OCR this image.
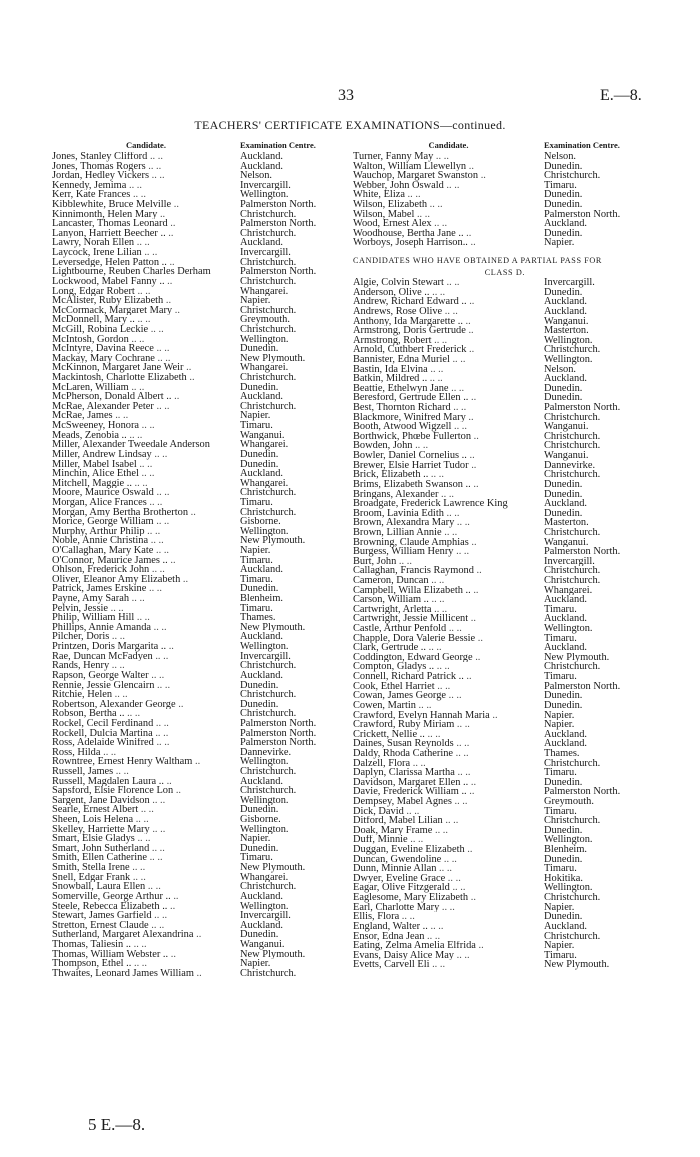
33	E.—8.
TEACHERS' CERTIFICATE EXAMINATIONS—continued.
Candidate.	Examination Centre.
Jones, Stanley Clifford .. ..	Auckland.
Jones, Thomas Rogers .. ..	Auckland.
Jordan, Hedley Vickers .. ..	Nelson.
Kennedy, Jemima .. ..	Invercargill.
Kerr, Kate Frances .. ..	Wellington.
Kibblewhite, Bruce Melville ..	Palmerston North.
Kinnimonth, Helen Mary ..	Christchurch.
Lancaster, Thomas Leonard ..	Palmerston North.
Lanyon, Harriett Beecher .. ..	Christchurch.
Lawry, Norah Ellen .. ..	Auckland.
Laycock, Irene Lilian .. ..	Invercargill.
Leversedge, Helen Patton .. ..	Christchurch.
Lightbourne, Reuben Charles Derham	Palmerston North.
Lockwood, Mabel Fanny .. ..	Christchurch.
Long, Edgar Robert .. ..	Whangarei.
McAlister, Ruby Elizabeth ..	Napier.
McCormack, Margaret Mary ..	Christchurch.
McDonnell, Mary .. .. ..	Greymouth.
McGill, Robina Leckie .. ..	Christchurch.
McIntosh, Gordon .. ..	Wellington.
McIntyre, Davina Reece .. ..	Dunedin.
Mackay, Mary Cochrane .. ..	New Plymouth.
McKinnon, Margaret Jane Weir ..	Whangarei.
Mackintosh, Charlotte Elizabeth ..	Christchurch.
McLaren, William .. ..	Dunedin.
McPherson, Donald Albert .. ..	Auckland.
McRae, Alexander Peter .. ..	Christchurch.
McRae, James .. ..	Napier.
McSweeney, Honora .. ..	Timaru.
Meads, Zenobia .. .. ..	Wanganui.
Miller, Alexander Tweedale Anderson	Whangarei.
Miller, Andrew Lindsay .. ..	Dunedin.
Miller, Mabel Isabel .. ..	Dunedin.
Minchin, Alice Ethel .. ..	Auckland.
Mitchell, Maggie .. .. ..	Whangarei.
Moore, Maurice Oswald .. ..	Christchurch.
Morgan, Alice Frances .. ..	Timaru.
Morgan, Amy Bertha Brotherton ..	Christchurch.
Morice, George William .. ..	Gisborne.
Murphy, Arthur Philip .. ..	Wellington.
Noble, Annie Christina .. ..	New Plymouth.
O'Callaghan, Mary Kate .. ..	Napier.
O'Connor, Maurice James .. ..	Timaru.
Ohlson, Frederick John .. ..	Auckland.
Oliver, Eleanor Amy Elizabeth ..	Timaru.
Patrick, James Erskine .. ..	Dunedin.
Payne, Amy Sarah .. ..	Blenheim.
Pelvin, Jessie .. ..	Timaru.
Philip, William Hill .. ..	Thames.
Phillips, Annie Amanda .. ..	New Plymouth.
Pilcher, Doris .. ..	Auckland.
Printzen, Doris Margarita .. ..	Wellington.
Rae, Duncan McFadyen .. ..	Invercargill.
Rands, Henry .. ..	Christchurch.
Rapson, George Walter .. ..	Auckland.
Rennie, Jessie Glencairn .. ..	Dunedin.
Ritchie, Helen .. ..	Christchurch.
Robertson, Alexander George ..	Dunedin.
Robson, Bertha .. .. ..	Christchurch.
Rockel, Cecil Ferdinand .. ..	Palmerston North.
Rockell, Dulcia Martina .. ..	Palmerston North.
Ross, Adelaide Winifred .. ..	Palmerston North.
Ross, Hilda .. ..	Dannevirke.
Rowntree, Ernest Henry Waltham ..	Wellington.
Russell, James .. ..	Christchurch.
Russell, Magdalen Laura .. ..	Auckland.
Sapsford, Elsie Florence Lon ..	Christchurch.
Sargent, Jane Davidson .. ..	Wellington.
Searle, Ernest Albert .. ..	Dunedin.
Sheen, Lois Helena .. ..	Gisborne.
Skelley, Harriette Mary .. ..	Wellington.
Smart, Elsie Gladys .. ..	Napier.
Smart, John Sutherland .. ..	Dunedin.
Smith, Ellen Catherine .. ..	Timaru.
Smith, Stella Irene .. ..	New Plymouth.
Snell, Edgar Frank .. ..	Whangarei.
Snowball, Laura Ellen .. ..	Christchurch.
Somerville, George Arthur .. ..	Auckland.
Steele, Rebecca Elizabeth .. ..	Wellington.
Stewart, James Garfield .. ..	Invercargill.
Stretton, Ernest Claude .. ..	Auckland.
Sutherland, Margaret Alexandrina ..	Dunedin.
Thomas, Taliesin .. .. ..	Wanganui.
Thomas, William Webster .. ..	New Plymouth.
Thompson, Ethel .. .. ..	Napier.
Thwaites, Leonard James William ..	Christchurch.
Candidate.	Examination Centre.
Turner, Fanny May .. ..	Nelson.
Walton, William Llewellyn ..	Dunedin.
Wauchop, Margaret Swanston ..	Christchurch.
Webber, John Oswald .. ..	Timaru.
White, Eliza .. ..	Dunedin.
Wilson, Elizabeth .. ..	Dunedin.
Wilson, Mabel .. ..	Palmerston North.
Wood, Ernest Alex .. ..	Auckland.
Woodhouse, Bertha Jane .. ..	Dunedin.
Worboys, Joseph Harrison.. ..	Napier.
CANDIDATES WHO HAVE OBTAINED A PARTIAL PASS FOR
CLASS D.
Algie, Colvin Stewart .. ..	Invercargill.
Anderson, Olive .. .. ..	Dunedin.
Andrew, Richard Edward .. ..	Auckland.
Andrews, Rose Olive .. ..	Auckland.
Anthony, Ida Margarette .. ..	Wanganui.
Armstrong, Doris Gertrude ..	Masterton.
Armstrong, Robert .. ..	Wellington.
Arnold, Cuthbert Frederick ..	Christchurch.
Bannister, Edna Muriel .. ..	Wellington.
Bastin, Ida Elvina .. ..	Nelson.
Batkin, Mildred .. .. ..	Auckland.
Beattie, Ethelwyn Jane .. ..	Dunedin.
Beresford, Gertrude Ellen .. ..	Dunedin.
Best, Thornton Richard .. ..	Palmerston North.
Blackmore, Winifred Mary ..	Christchurch.
Booth, Atwood Wigzell .. ..	Wanganui.
Borthwick, Phœbe Fullerton ..	Christchurch.
Bowden, John .. ..	Christchurch.
Bowler, Daniel Cornelius .. ..	Wanganui.
Brewer, Elsie Harriet Tudor ..	Dannevirke.
Brick, Elizabeth .. .. ..	Christchurch.
Brims, Elizabeth Swanson .. ..	Dunedin.
Bringans, Alexander .. ..	Dunedin.
Broadgate, Frederick Lawrence King	Auckland.
Broom, Lavinia Edith .. ..	Dunedin.
Brown, Alexandra Mary .. ..	Masterton.
Brown, Lillian Annie .. ..	Christchurch.
Browning, Claude Amphias ..	Wanganui.
Burgess, William Henry .. ..	Palmerston North.
Burt, John .. ..	Invercargill.
Callaghan, Francis Raymond ..	Christchurch.
Cameron, Duncan .. ..	Christchurch.
Campbell, Willa Elizabeth .. ..	Whangarei.
Carson, William .. .. ..	Auckland.
Cartwright, Arletta .. ..	Timaru.
Cartwright, Jessie Millicent ..	Auckland.
Castle, Arthur Penfold .. ..	Wellington.
Chapple, Dora Valerie Bessie ..	Timaru.
Clark, Gertrude .. .. ..	Auckland.
Coddington, Edward George ..	New Plymouth.
Compton, Gladys .. .. ..	Christchurch.
Connell, Richard Patrick .. ..	Timaru.
Cook, Ethel Harriet .. ..	Palmerston North.
Cowan, James George .. ..	Dunedin.
Cowen, Martin .. ..	Dunedin.
Crawford, Evelyn Hannah Maria ..	Napier.
Crawford, Ruby Miriam .. ..	Napier.
Crickett, Nellie .. .. ..	Auckland.
Daines, Susan Reynolds .. ..	Auckland.
Daldy, Rhoda Catherine .. ..	Thames.
Dalzell, Flora .. ..	Christchurch.
Daplyn, Clarissa Martha .. ..	Timaru.
Davidson, Margaret Ellen .. ..	Dunedin.
Davie, Frederick William .. ..	Palmerston North.
Dempsey, Mabel Agnes .. ..	Greymouth.
Dick, David .. ..	Timaru.
Ditford, Mabel Lilian .. ..	Christchurch.
Doak, Mary Frame .. ..	Dunedin.
Duff, Minnie .. ..	Wellington.
Duggan, Eveline Elizabeth ..	Blenheim.
Duncan, Gwendoline .. ..	Dunedin.
Dunn, Minnie Allan .. ..	Timaru.
Dwyer, Eveline Grace .. ..	Hokitika.
Eagar, Olive Fitzgerald .. ..	Wellington.
Eaglesome, Mary Elizabeth ..	Christchurch.
Earl, Charlotte Mary .. ..	Napier.
Ellis, Flora .. ..	Dunedin.
England, Walter .. .. ..	Auckland.
Ensor, Edna Jean .. ..	Christchurch.
Eating, Zelma Amelia Elfrida ..	Napier.
Evans, Daisy Alice May .. ..	Timaru.
Evetts, Carvell Eli .. ..	New Plymouth.
5 E.—8.
